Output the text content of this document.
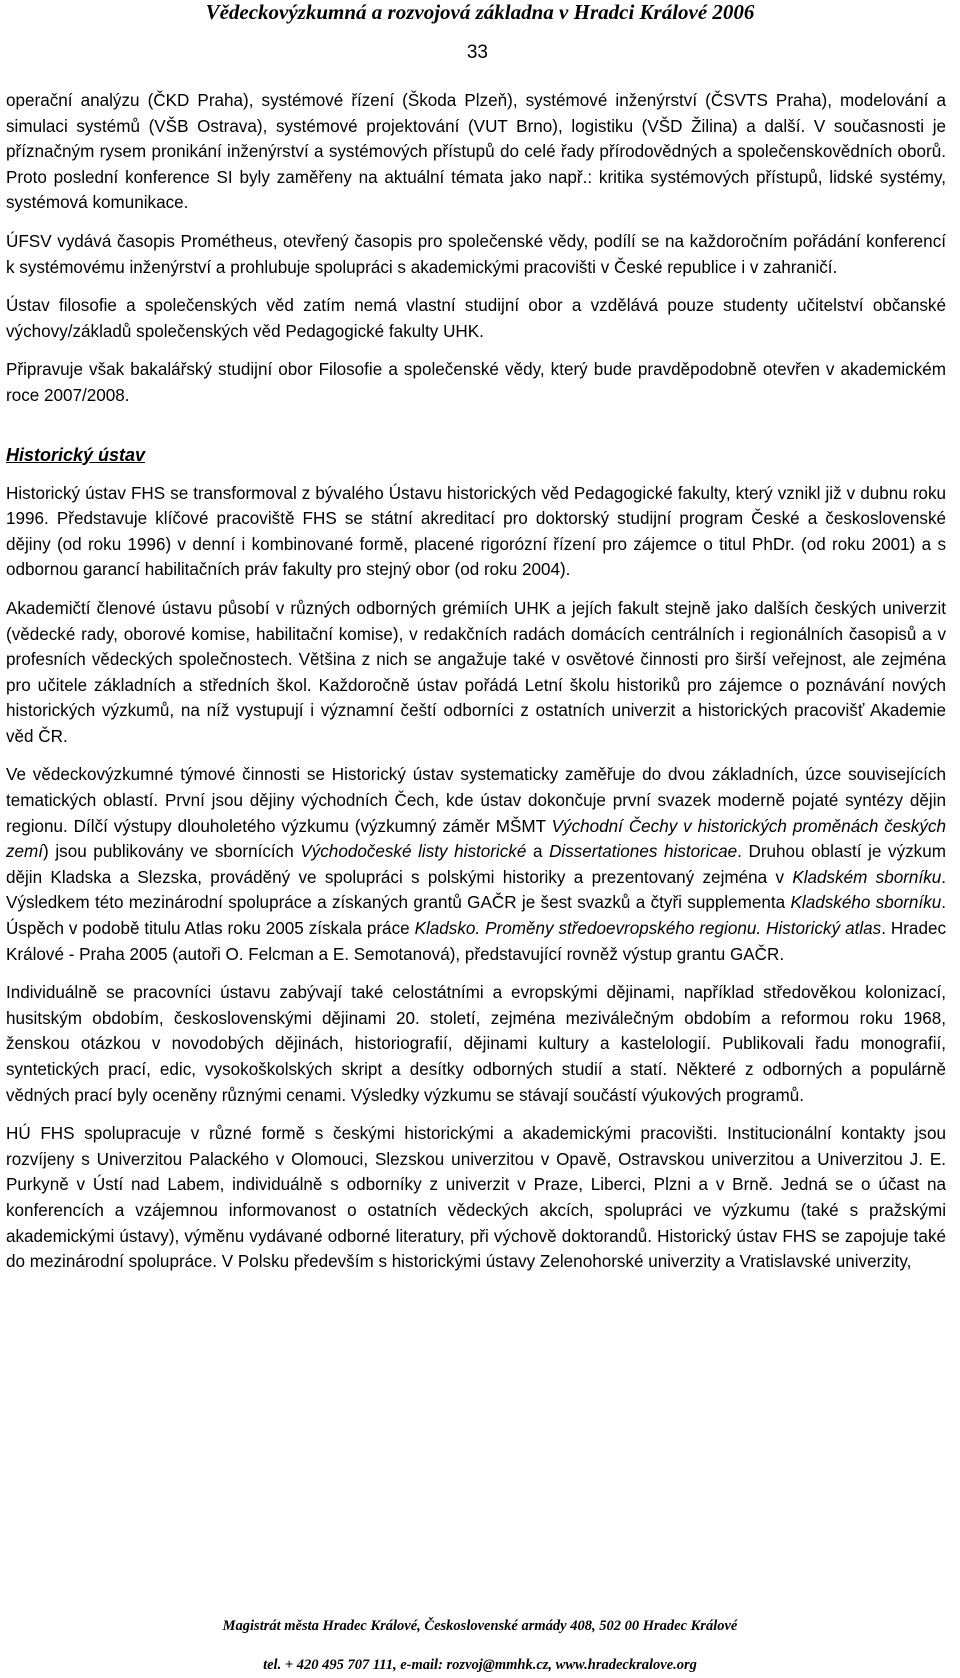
Vědeckovýzkumná a rozvojová základna v Hradci Králové 2006
33

operační analýzu (ČKD Praha), systémové řízení (Škoda Plzeň), systémové inženýrství (ČSVTS Praha), modelování a simulaci systémů (VŠB Ostrava), systémové projektování (VUT Brno), logistiku (VŠD Žilina) a další. V současnosti je příznačným rysem pronikání inženýrství a systémových přístupů do celé řady přírodovědných a společenskovědních oborů. Proto poslední konference SI byly zaměřeny na aktuální témata jako např.: kritika systémových přístupů, lidské systémy, systémová komunikace.

ÚFSV vydává časopis Prométheus, otevřený časopis pro společenské vědy, podílí se na každoročním pořádání konferencí k systémovému inženýrství a prohlubuje spolupráci s akademickými pracovišti v České republice i v zahraničí.

Ústav filosofie a společenských věd zatím nemá vlastní studijní obor a vzdělává pouze studenty učitelství občanské výchovy/základů společenských věd Pedagogické fakulty UHK.

Připravuje však bakalářský studijní obor Filosofie a společenské vědy, který bude pravděpodobně otevřen v akademickém roce 2007/2008.

Historický ústav

Historický ústav FHS se transformoval z bývalého Ústavu historických věd Pedagogické fakulty, který vznikl již v dubnu roku 1996. Představuje klíčové pracoviště FHS se státní akreditací pro doktorský studijní program České a československé dějiny (od roku 1996) v denní i kombinované formě, placené rigorózní řízení pro zájemce o titul PhDr. (od roku 2001) a s odbornou garancí habilitačních práv fakulty pro stejný obor (od roku 2004).

Akademičtí členové ústavu působí v různých odborných grémiích UHK a jejích fakult stejně jako dalších českých univerzit (vědecké rady, oborové komise, habilitační komise), v redakčních radách domácích centrálních i regionálních časopisů a v profesních vědeckých společnostech. Většina z nich se angažuje také v osvětové činnosti pro širší veřejnost, ale zejména pro učitele základních a středních škol. Každoročně ústav pořádá Letní školu historiků pro zájemce o poznávání nových historických výzkumů, na níž vystupují i významní čeští odborníci z ostatních univerzit a historických pracovišť Akademie věd ČR.

Ve vědeckovýzkumné týmové činnosti se Historický ústav systematicky zaměřuje do dvou základních, úzce souvisejících tematických oblastí. První jsou dějiny východních Čech, kde ústav dokončuje první svazek moderně pojaté syntézy dějin regionu. Dílčí výstupy dlouholetého výzkumu (výzkumný záměr MŠMT Východní Čechy v historických proměnách českých zemí) jsou publikovány ve sbornících Východočeské listy historické a Dissertationes historicae. Druhou oblastí je výzkum dějin Kladska a Slezska, prováděný ve spolupráci s polskými historiky a prezentovaný zejména v Kladském sborníku. Výsledkem této mezinárodní spolupráce a získaných grantů GAČR je šest svazků a čtyři supplementa Kladského sborníku. Úspěch v podobě titulu Atlas roku 2005 získala práce Kladsko. Proměny středoevropského regionu. Historický atlas. Hradec Králové - Praha 2005 (autoři O. Felcman a E. Semotanová), představující rovněž výstup grantu GAČR.

Individuálně se pracovníci ústavu zabývají také celostátními a evropskými dějinami, například středověkou kolonizací, husitským obdobím, československými dějinami 20. století, zejména meziválečným obdobím a reformou roku 1968, ženskou otázkou v novodobých dějinách, historiografií, dějinami kultury a kastelologií. Publikovali řadu monografií, syntetických prací, edic, vysokoškolských skript a desítky odborných studií a statí. Některé z odborných a populárně vědných prací byly oceněny různými cenami. Výsledky výzkumu se stávají součástí výukových programů.

HÚ FHS spolupracuje v různé formě s českými historickými a akademickými pracovišti. Institucionální kontakty jsou rozvíjeny s Univerzitou Palackého v Olomouci, Slezskou univerzitou v Opavě, Ostravskou univerzitou a Univerzitou J. E. Purkyně v Ústí nad Labem, individuálně s odborníky z univerzit v Praze, Liberci, Plzni a v Brně. Jedná se o účast na konferencích a vzájemnou informovanost o ostatních vědeckých akcích, spolupráci ve výzkumu (také s pražskými akademickými ústavy), výměnu vydávané odborné literatury, při výchově doktorandů. Historický ústav FHS se zapojuje také do mezinárodní spolupráce. V Polsku především s historickými ústavy Zelenohorské univerzity a Vratislavské univerzity,

Magistrát města Hradec Králové, Československé armády 408, 502 00 Hradec Králové
tel. + 420 495 707 111, e-mail: rozvoj@mmhk.cz, www.hradeckralove.org
